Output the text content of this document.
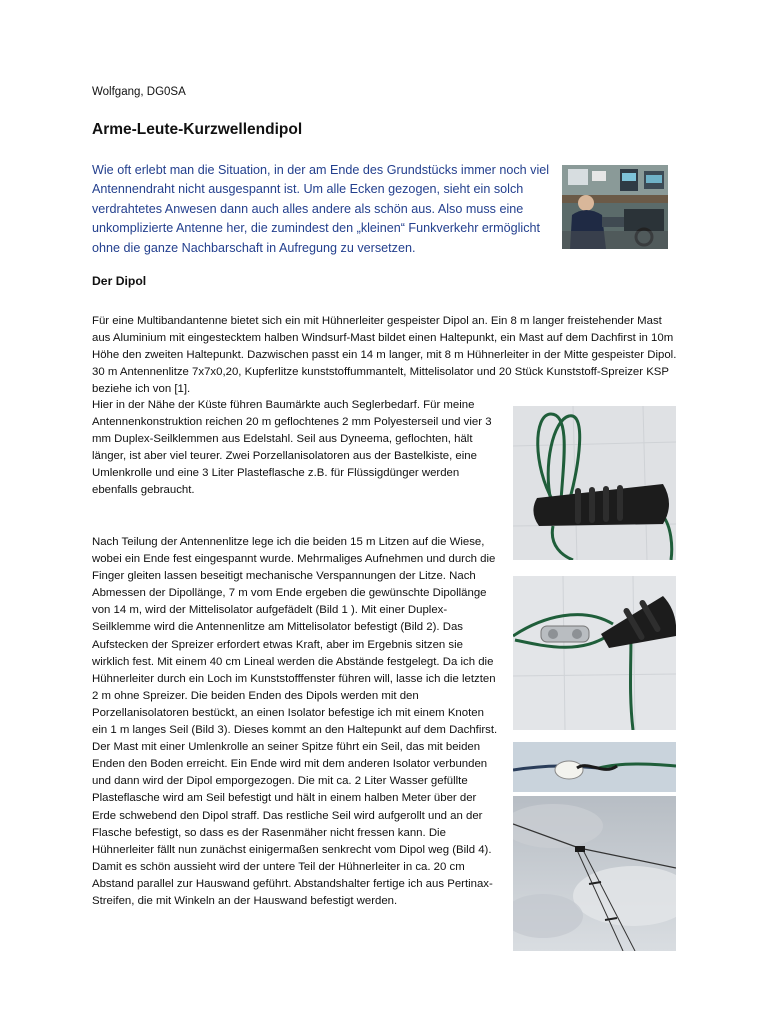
Wolfgang, DG0SA
Arme-Leute-Kurzwellendipol

Wie oft erlebt man die Situation, in der am Ende des Grundstücks immer noch viel Antennendraht nicht ausgespannt ist. Um alle Ecken gezogen, sieht ein solch verdrahtetes Anwesen dann auch alles andere als schön aus. Also muss eine unkomplizierte Antenne her, die zumindest den „kleinen“ Funkverkehr ermöglicht ohne die ganze Nachbarschaft in Aufregung zu versetzen.

Der Dipol

Für eine Multibandantenne bietet sich ein mit Hühnerleiter gespeister Dipol an. Ein 8 m langer freistehender Mast aus Aluminium mit eingestecktem halben Windsurf-Mast bildet einen Haltepunkt, ein Mast auf dem Dachfirst in 10m Höhe den zweiten Haltepunkt. Dazwischen passt ein 14 m langer, mit 8 m Hühnerleiter in der Mitte gespeister Dipol. 30 m Antennenlitze 7x7x0,20, Kupferlitze kunststoffummantelt, Mittelisolator und 20 Stück Kunststoff-Spreizer KSP beziehe ich von [1].

Hier in der Nähe der Küste führen Baumärkte auch Seglerbedarf. Für meine Antennenkonstruktion reichen 20 m geflochtenes 2 mm Polyesterseil und vier 3 mm Duplex-Seilklemmen aus Edelstahl. Seil aus Dyneema, geflochten, hält länger, ist aber viel teurer. Zwei Porzellanisolatoren aus der Bastelkiste, eine Umlenkrolle und eine 3 Liter Plasteflasche z.B. für Flüssigdünger werden ebenfalls gebraucht.

Nach Teilung der Antennenlitze lege ich die beiden 15 m Litzen auf die Wiese, wobei ein Ende fest eingespannt wurde. Mehrmaliges Aufnehmen und durch die Finger gleiten lassen beseitigt mechanische Verspannungen der Litze. Nach Abmessen der Dipollänge, 7 m vom Ende ergeben die gewünschte Dipollänge von 14 m, wird der Mittelisolator aufgefädelt (Bild 1 ). Mit einer Duplex-Seilklemme wird die Antennenlitze am Mittelisolator befestigt (Bild 2). Das Aufstecken der Spreizer erfordert etwas Kraft, aber im Ergebnis sitzen sie wirklich fest. Mit einem 40 cm Lineal werden die Abstände festgelegt. Da ich die Hühnerleiter durch ein Loch im Kunststofffenster führen will, lasse ich die letzten 2 m ohne Spreizer. Die beiden Enden des Dipols werden mit den Porzellanisolatoren bestückt, an einen Isolator befestige ich mit einem Knoten ein 1 m langes Seil (Bild 3). Dieses kommt an den Haltepunkt auf dem Dachfirst. Der Mast mit einer Umlenkrolle an seiner Spitze führt ein Seil, das mit beiden Enden den Boden erreicht. Ein Ende wird mit dem anderen Isolator verbunden und dann wird der Dipol emporgezogen. Die mit ca. 2 Liter Wasser gefüllte Plasteflasche wird am Seil befestigt und hält in einem halben Meter über der Erde schwebend den Dipol straff. Das restliche Seil wird aufgerollt und an der Flasche befestigt, so dass es der Rasenmäher nicht fressen kann. Die Hühnerleiter fällt nun zunächst einigermaßen senkrecht vom Dipol weg (Bild 4).

Damit es schön aussieht wird der untere Teil der Hühnerleiter in ca. 20 cm Abstand parallel zur Hauswand geführt. Abstandshalter fertige ich aus Pertinax-Streifen, die mit Winkeln an der Hauswand befestigt werden.
